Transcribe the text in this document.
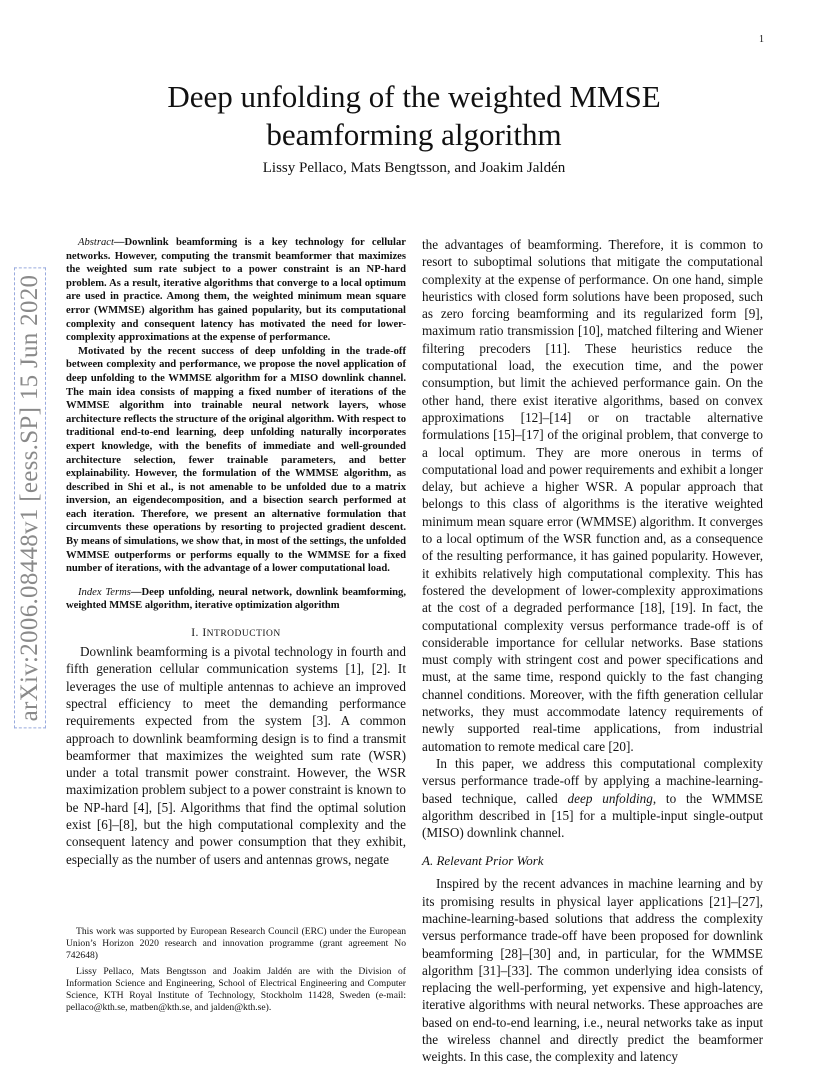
1
Deep unfolding of the weighted MMSE
beamforming algorithm
Lissy Pellaco, Mats Bengtsson, and Joakim Jaldén
arXiv:2006.08448v1 [eess.SP] 15 Jun 2020

Abstract—Downlink beamforming is a key technology for cellular networks. However, computing the transmit beamformer that maximizes the weighted sum rate subject to a power constraint is an NP-hard problem. As a result, iterative algorithms that converge to a local optimum are used in practice. Among them, the weighted minimum mean square error (WMMSE) algorithm has gained popularity, but its computational complexity and consequent latency has motivated the need for lower-complexity approximations at the expense of performance.

Motivated by the recent success of deep unfolding in the trade-off between complexity and performance, we propose the novel application of deep unfolding to the WMMSE algorithm for a MISO downlink channel. The main idea consists of mapping a fixed number of iterations of the WMMSE algorithm into trainable neural network layers, whose architecture reflects the structure of the original algorithm. With respect to traditional end-to-end learning, deep unfolding naturally incorporates expert knowledge, with the benefits of immediate and well-grounded architecture selection, fewer trainable parameters, and better explainability. However, the formulation of the WMMSE algorithm, as described in Shi et al., is not amenable to be unfolded due to a matrix inversion, an eigendecomposition, and a bisection search performed at each iteration. Therefore, we present an alternative formulation that circumvents these operations by resorting to projected gradient descent. By means of simulations, we show that, in most of the settings, the unfolded WMMSE outperforms or performs equally to the WMMSE for a fixed number of iterations, with the advantage of a lower computational load.

Index Terms—Deep unfolding, neural network, downlink beamforming, weighted MMSE algorithm, iterative optimization algorithm

I. INTRODUCTION

Downlink beamforming is a pivotal technology in fourth and fifth generation cellular communication systems [1], [2]. It leverages the use of multiple antennas to achieve an improved spectral efficiency to meet the demanding performance requirements expected from the system [3]. A common approach to downlink beamforming design is to find a transmit beamformer that maximizes the weighted sum rate (WSR) under a total transmit power constraint. However, the WSR maximization problem subject to a power constraint is known to be NP-hard [4], [5]. Algorithms that find the optimal solution exist [6]–[8], but the high computational complexity and the consequent latency and power consumption that they exhibit, especially as the number of users and antennas grows, negate

This work was supported by European Research Council (ERC) under the European Union’s Horizon 2020 research and innovation programme (grant agreement No 742648)

Lissy Pellaco, Mats Bengtsson and Joakim Jaldén are with the Division of Information Science and Engineering, School of Electrical Engineering and Computer Science, KTH Royal Institute of Technology, Stockholm 11428, Sweden (e-mail: pellaco@kth.se, matben@kth.se, and jalden@kth.se).

the advantages of beamforming. Therefore, it is common to resort to suboptimal solutions that mitigate the computational complexity at the expense of performance. On one hand, simple heuristics with closed form solutions have been proposed, such as zero forcing beamforming and its regularized form [9], maximum ratio transmission [10], matched filtering and Wiener filtering precoders [11]. These heuristics reduce the computational load, the execution time, and the power consumption, but limit the achieved performance gain. On the other hand, there exist iterative algorithms, based on convex approximations [12]–[14] or on tractable alternative formulations [15]–[17] of the original problem, that converge to a local optimum. They are more onerous in terms of computational load and power requirements and exhibit a longer delay, but achieve a higher WSR. A popular approach that belongs to this class of algorithms is the iterative weighted minimum mean square error (WMMSE) algorithm. It converges to a local optimum of the WSR function and, as a consequence of the resulting performance, it has gained popularity. However, it exhibits relatively high computational complexity. This has fostered the development of lower-complexity approximations at the cost of a degraded performance [18], [19]. In fact, the computational complexity versus performance trade-off is of considerable importance for cellular networks. Base stations must comply with stringent cost and power specifications and must, at the same time, respond quickly to the fast changing channel conditions. Moreover, with the fifth generation cellular networks, they must accommodate latency requirements of newly supported real-time applications, from industrial automation to remote medical care [20].

In this paper, we address this computational complexity versus performance trade-off by applying a machine-learning-based technique, called deep unfolding, to the WMMSE algorithm described in [15] for a multiple-input single-output (MISO) downlink channel.

A. Relevant Prior Work

Inspired by the recent advances in machine learning and by its promising results in physical layer applications [21]–[27], machine-learning-based solutions that address the complexity versus performance trade-off have been proposed for downlink beamforming [28]–[30] and, in particular, for the WMMSE algorithm [31]–[33]. The common underlying idea consists of replacing the well-performing, yet expensive and high-latency, iterative algorithms with neural networks. These approaches are based on end-to-end learning, i.e., neural networks take as input the wireless channel and directly predict the beamformer weights. In this case, the complexity and latency
